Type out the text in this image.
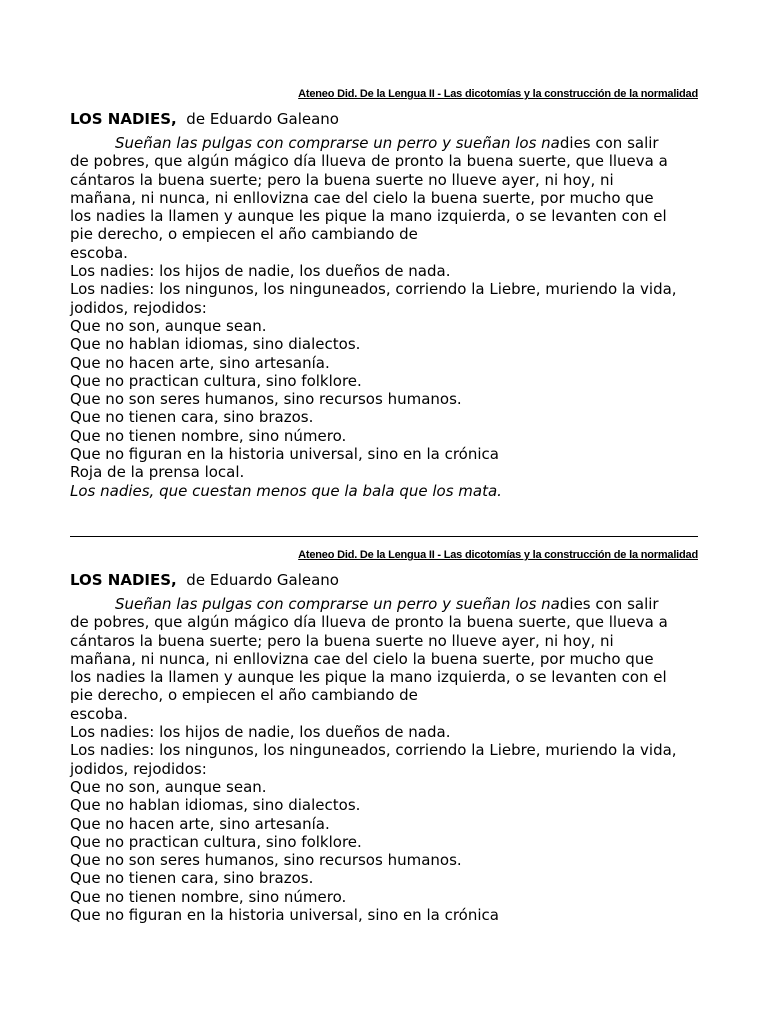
Ateneo Did. De la Lengua II - Las dicotomías y la construcción de la normalidad
LOS NADIES, de Eduardo Galeano

Sueñan las pulgas con comprarse un perro y sueñan los nadies con salir

de pobres, que algún mágico día llueva de pronto la buena suerte, que llueva a

cántaros la buena suerte; pero la buena suerte no llueve ayer, ni hoy, ni

mañana, ni nunca, ni enllovizna cae del cielo la buena suerte, por mucho que

los nadies la llamen y aunque les pique la mano izquierda, o se levanten con el

pie derecho, o empiecen el año cambiando de

escoba.

Los nadies: los hijos de nadie, los dueños de nada.

Los nadies: los ningunos, los ninguneados, corriendo la Liebre, muriendo la vida,

jodidos, rejodidos:

Que no son, aunque sean.

Que no hablan idiomas, sino dialectos.

Que no hacen arte, sino artesanía.

Que no practican cultura, sino folklore.

Que no son seres humanos, sino recursos humanos.

Que no tienen cara, sino brazos.

Que no tienen nombre, sino número.

Que no figuran en la historia universal, sino en la crónica

Roja de la prensa local.

Los nadies, que cuestan menos que la bala que los mata.

Ateneo Did. De la Lengua II - Las dicotomías y la construcción de la normalidad
LOS NADIES, de Eduardo Galeano

Sueñan las pulgas con comprarse un perro y sueñan los nadies con salir

de pobres, que algún mágico día llueva de pronto la buena suerte, que llueva a

cántaros la buena suerte; pero la buena suerte no llueve ayer, ni hoy, ni

mañana, ni nunca, ni enllovizna cae del cielo la buena suerte, por mucho que

los nadies la llamen y aunque les pique la mano izquierda, o se levanten con el

pie derecho, o empiecen el año cambiando de

escoba.

Los nadies: los hijos de nadie, los dueños de nada.

Los nadies: los ningunos, los ninguneados, corriendo la Liebre, muriendo la vida,

jodidos, rejodidos:

Que no son, aunque sean.

Que no hablan idiomas, sino dialectos.

Que no hacen arte, sino artesanía.

Que no practican cultura, sino folklore.

Que no son seres humanos, sino recursos humanos.

Que no tienen cara, sino brazos.

Que no tienen nombre, sino número.

Que no figuran en la historia universal, sino en la crónica
